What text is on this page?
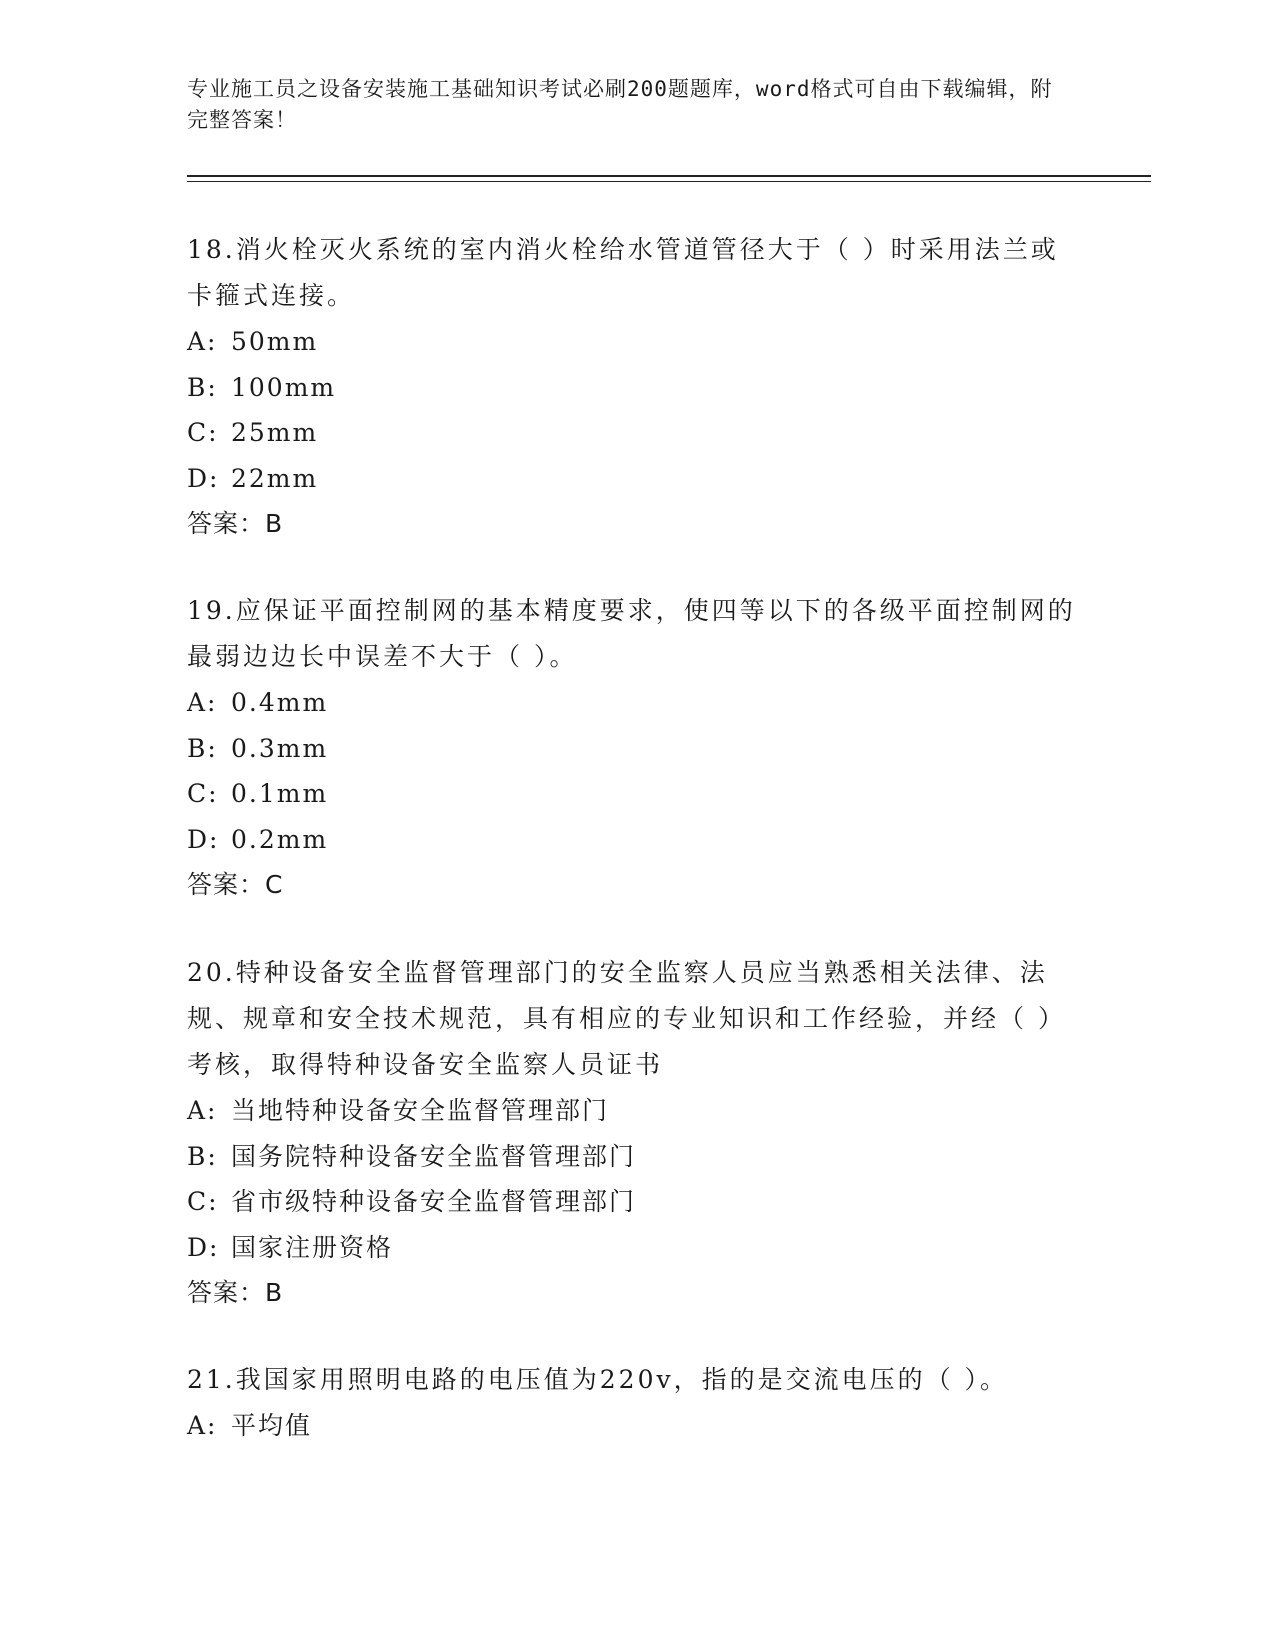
专业施工员之设备安装施工基础知识考试必刷200题题库，word格式可自由下载编辑，附完整答案！

18.消火栓灭火系统的室内消火栓给水管道管径大于（ ）时采用法兰或卡箍式连接。

A: 50mm
B: 100mm
C: 25mm
D: 22mm
答案：B

19.应保证平面控制网的基本精度要求，使四等以下的各级平面控制网的最弱边边长中误差不大于（ ）。

A: 0.4mm
B: 0.3mm
C: 0.1mm
D: 0.2mm
答案：C

20.特种设备安全监督管理部门的安全监察人员应当熟悉相关法律、法规、规章和安全技术规范，具有相应的专业知识和工作经验，并经（ ）考核，取得特种设备安全监察人员证书

A: 当地特种设备安全监督管理部门
B: 国务院特种设备安全监督管理部门
C: 省市级特种设备安全监督管理部门
D: 国家注册资格
答案：B

21.我国家用照明电路的电压值为220v，指的是交流电压的（ ）。

A: 平均值
